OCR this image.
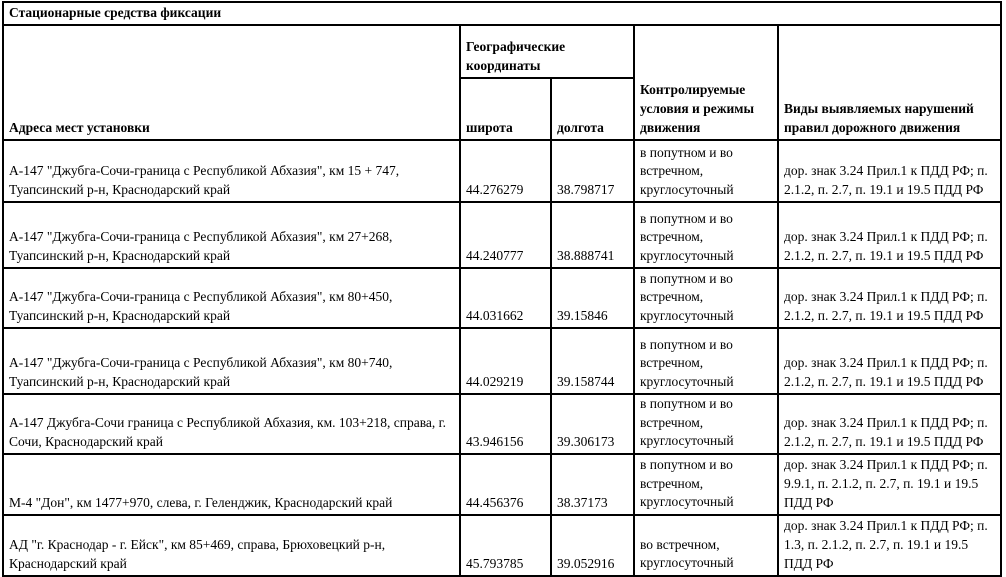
Стационарные средства фиксации				
Адреса мест установки	Географические координаты		Контролируемые условия и режимы движения	Виды выявляемых нарушений правил дорожного движения
	широта	долгота		
А-147 "Джубга-Сочи-граница с Республикой Абхазия", км 15 + 747, Туапсинский р-н, Краснодарский край	44.276279	38.798717	в попутном и во встречном, круглосуточный	дор. знак 3.24 Прил.1 к ПДД РФ; п. 2.1.2, п. 2.7, п. 19.1 и 19.5 ПДД РФ
А-147 "Джубга-Сочи-граница с Республикой Абхазия", км 27+268, Туапсинский р-н, Краснодарский край	44.240777	38.888741	в попутном и во встречном, круглосуточный	дор. знак 3.24 Прил.1 к ПДД РФ; п. 2.1.2, п. 2.7, п. 19.1 и 19.5 ПДД РФ
А-147 "Джубга-Сочи-граница с Республикой Абхазия", км 80+450, Туапсинский р-н, Краснодарский край	44.031662	39.15846	в попутном и во встречном, круглосуточный	дор. знак 3.24 Прил.1 к ПДД РФ; п. 2.1.2, п. 2.7, п. 19.1 и 19.5 ПДД РФ
А-147 "Джубга-Сочи-граница с Республикой Абхазия", км 80+740, Туапсинский р-н, Краснодарский край	44.029219	39.158744	в попутном и во встречном, круглосуточный	дор. знак 3.24 Прил.1 к ПДД РФ; п. 2.1.2, п. 2.7, п. 19.1 и 19.5 ПДД РФ
А-147 Джубга-Сочи граница с Республикой Абхазия, км. 103+218, справа, г. Сочи, Краснодарский край	43.946156	39.306173	в попутном и во встречном, круглосуточный	дор. знак 3.24 Прил.1 к ПДД РФ; п. 2.1.2, п. 2.7, п. 19.1 и 19.5 ПДД РФ
М-4 "Дон", км 1477+970, слева, г. Геленджик, Краснодарский край	44.456376	38.37173	в попутном и во встречном, круглосуточный	дор. знак 3.24 Прил.1 к ПДД РФ; п. 9.9.1, п. 2.1.2, п. 2.7, п. 19.1 и 19.5 ПДД РФ
АД "г. Краснодар - г. Ейск", км 85+469, справа, Брюховецкий р-н, Краснодарский край	45.793785	39.052916	во встречном, круглосуточный	дор. знак 3.24 Прил.1 к ПДД РФ; п. 1.3, п. 2.1.2, п. 2.7, п. 19.1 и 19.5 ПДД РФ
